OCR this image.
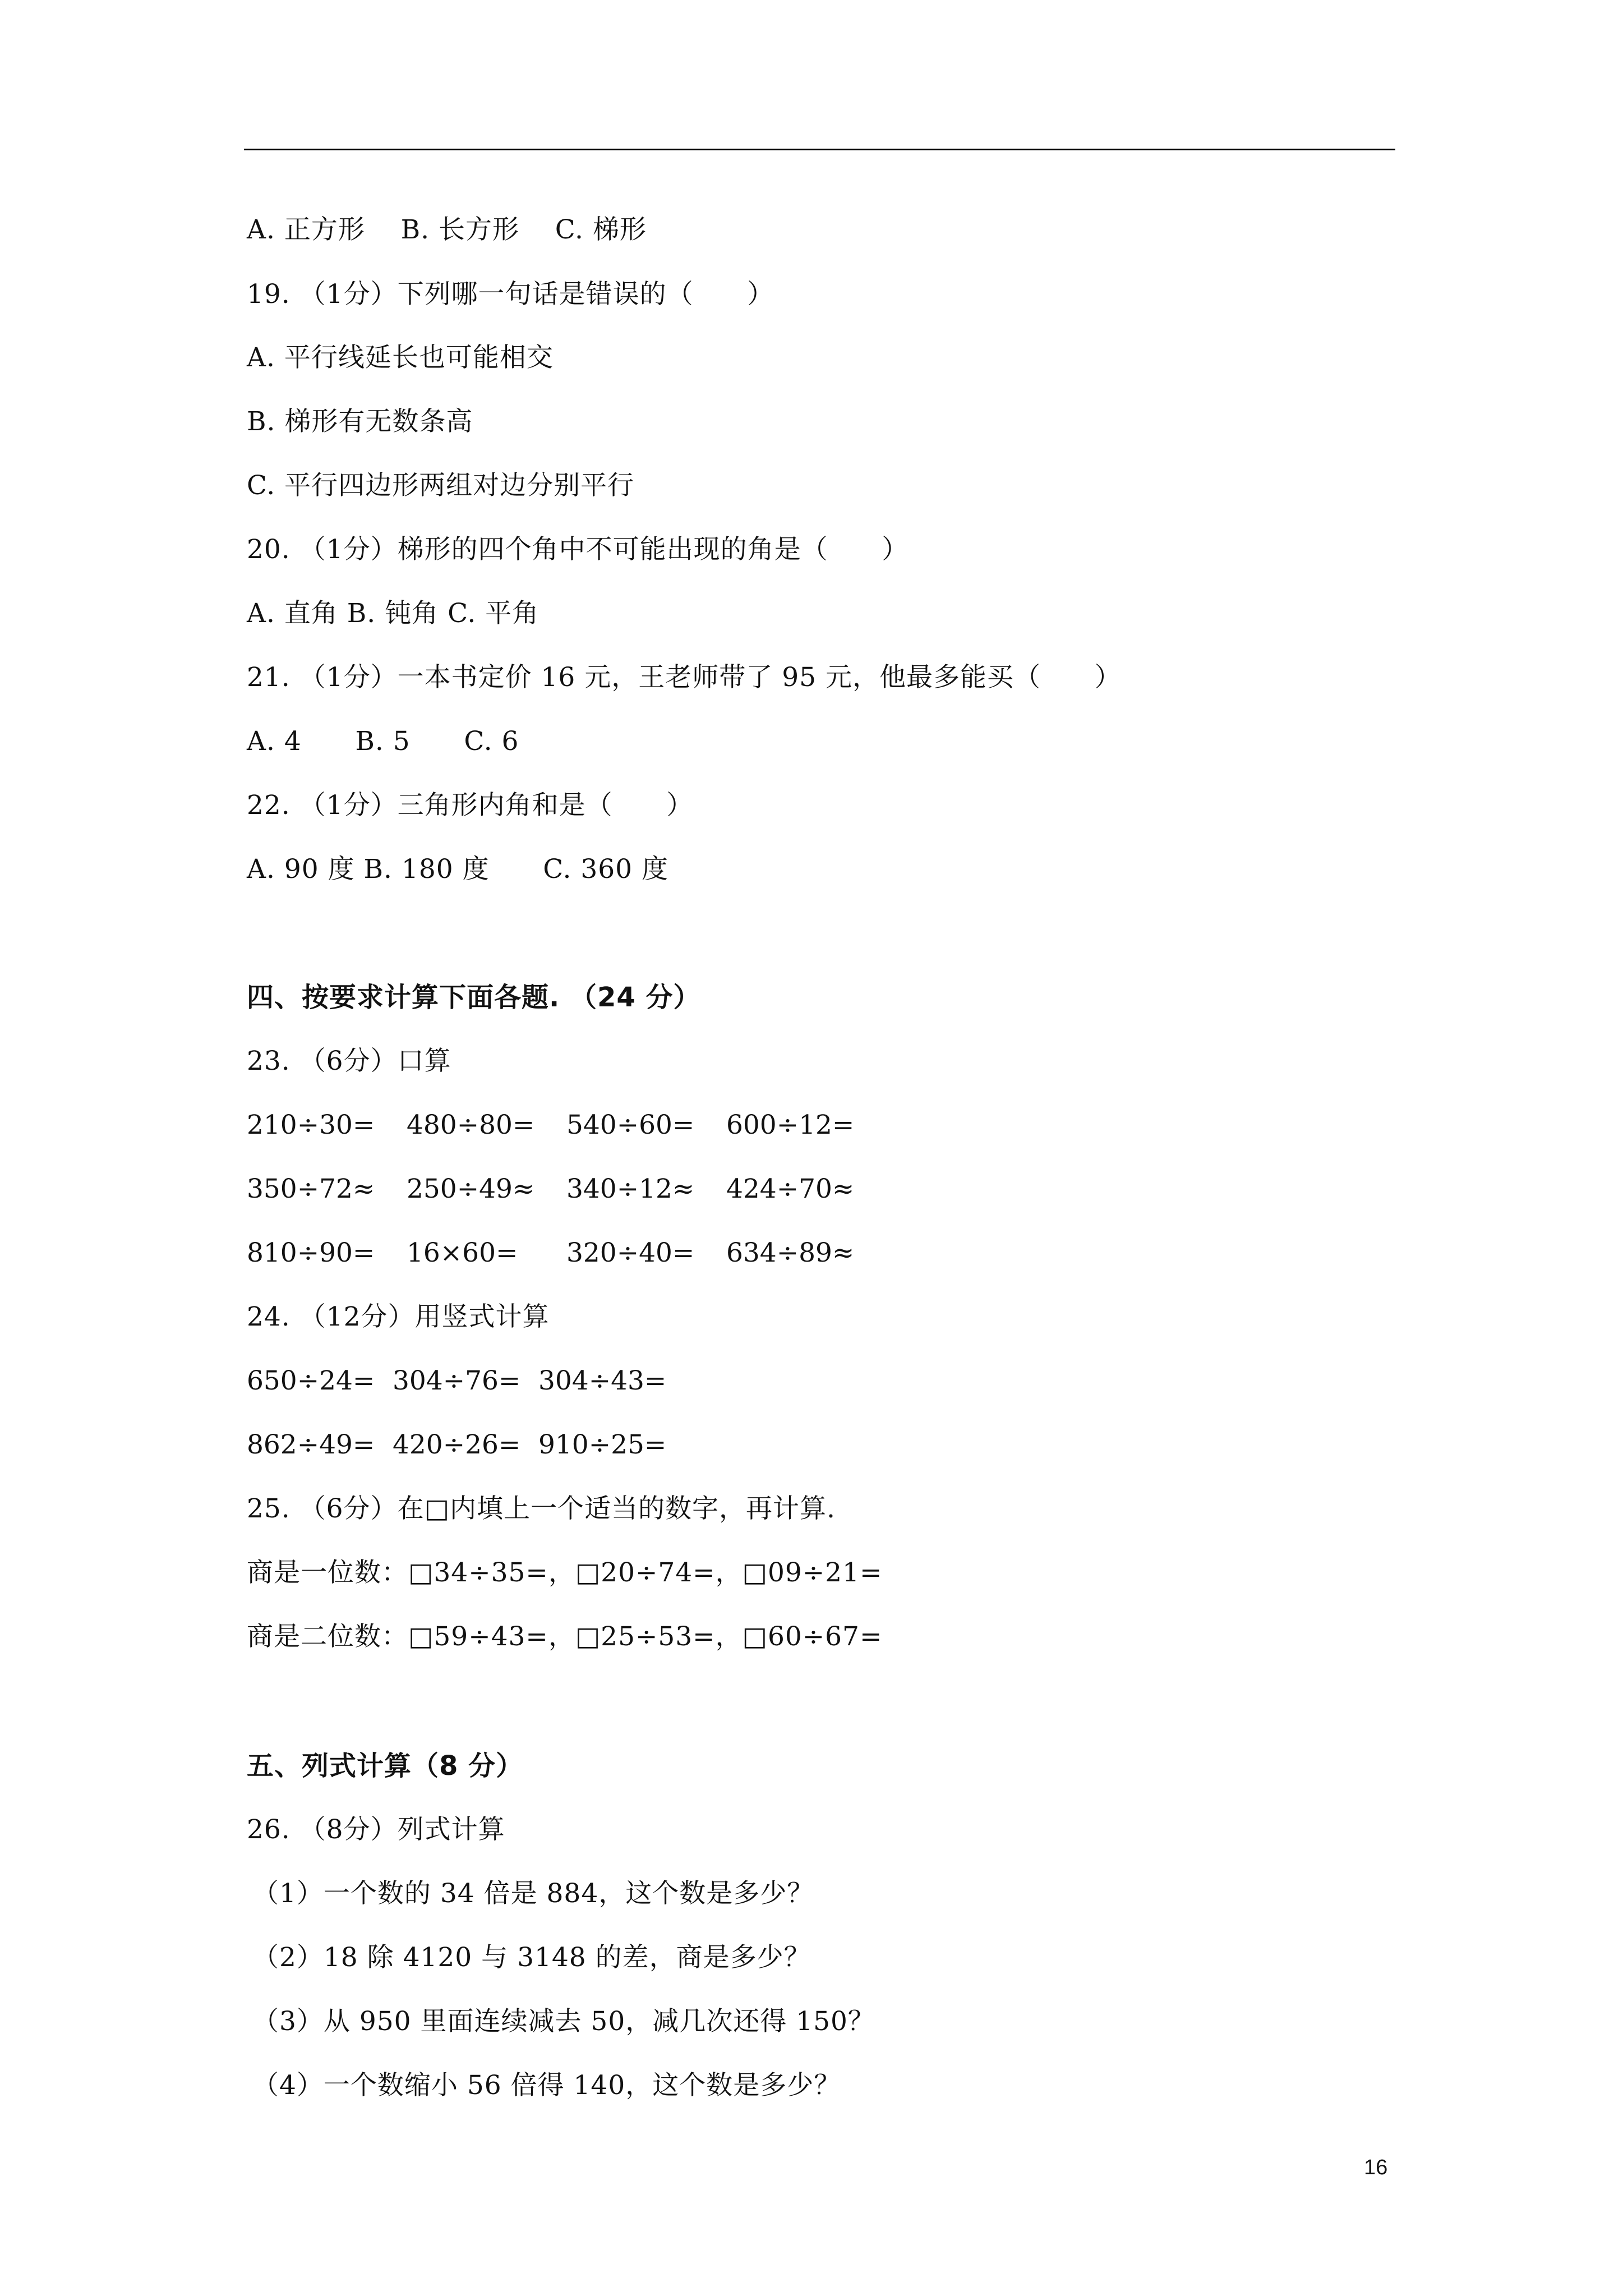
A. 正方形    B. 长方形    C. 梯形
19. （1分）下列哪一句话是错误的（      ）
A. 平行线延长也可能相交
B. 梯形有无数条高
C. 平行四边形两组对边分别平行
20. （1分）梯形的四个角中不可能出现的角是（      ）
A. 直角 B. 钝角 C. 平角
21. （1分）一本书定价 16 元，王老师带了 95 元，他最多能买（      ）
A. 4      B. 5      C. 6
22. （1分）三角形内角和是（      ）
A. 90 度 B. 180 度      C. 360 度
四、按要求计算下面各题. （24 分）
23. （6分）口算
210÷30= 480÷80= 540÷60= 600÷12=
350÷72≈ 250÷49≈ 340÷12≈ 424÷70≈
810÷90= 16×60= 320÷40= 634÷89≈
24. （12分）用竖式计算
650÷24= 304÷76= 304÷43=
862÷49= 420÷26= 910÷25=
25. （6分）在□内填上一个适当的数字，再计算.
商是一位数：□34÷35=，□20÷74=，□09÷21=
商是二位数：□59÷43=，□25÷53=，□60÷67=
五、列式计算（8 分）
26. （8分）列式计算
（1）一个数的 34 倍是 884，这个数是多少？
（2）18 除 4120 与 3148 的差，商是多少？
（3）从 950 里面连续减去 50，减几次还得 150？
（4）一个数缩小 56 倍得 140，这个数是多少？
16
